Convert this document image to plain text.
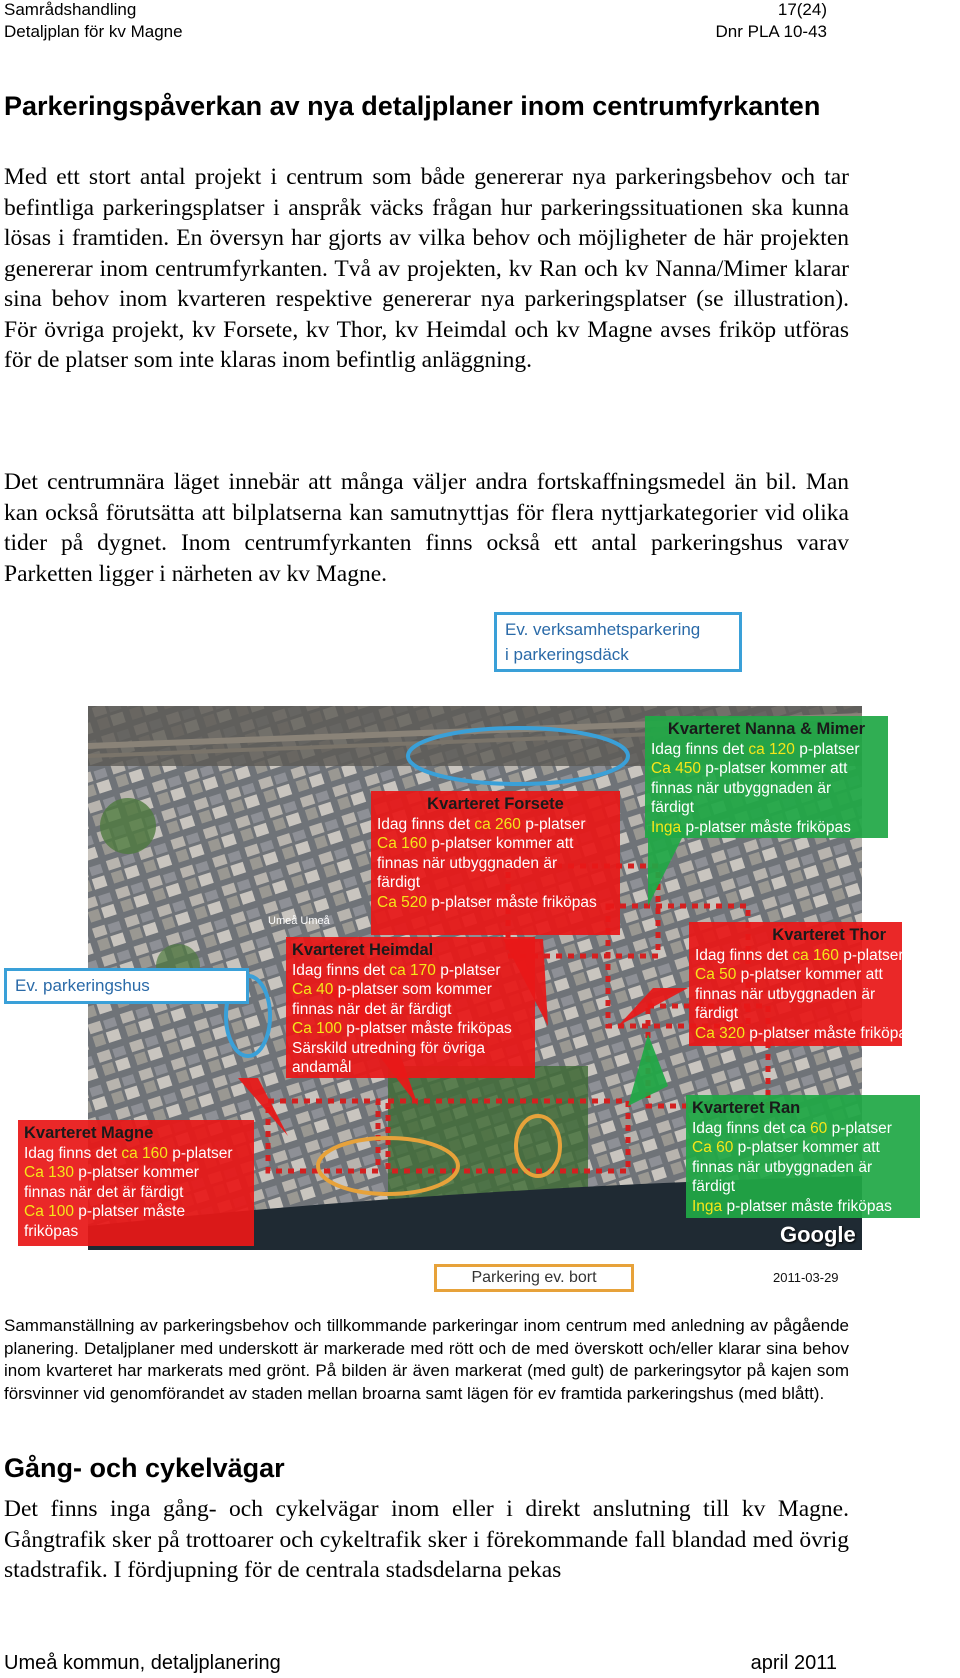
Samrådshandling
Detaljplan för kv Magne
17(24)
Dnr PLA 10-43
Parkeringspåverkan av nya detaljplaner inom centrumfyrkanten

Med ett stort antal projekt i centrum som både genererar nya parkeringsbehov och tar befintliga parkeringsplatser i anspråk väcks frågan hur parkeringssituationen ska kunna lösas i framtiden. En översyn har gjorts av vilka behov och möjligheter de här projekten genererar inom centrumfyrkanten. Två av projekten, kv Ran och kv Nanna/Mimer klarar sina behov inom kvarteren respektive genererar nya parkeringsplatser (se illustration). För övriga projekt, kv Forsete, kv Thor, kv Heimdal och kv Magne avses friköp utföras för de platser som inte klaras inom befintlig anläggning.

Det centrumnära läget innebär att många väljer andra fortskaffningsmedel än bil. Man kan också förutsätta att bilplatserna kan samutnyttjas för flera nyttjarkategorier vid olika tider på dygnet. Inom centrumfyrkanten finns också ett antal parkeringshus varav Parketten ligger i närheten av kv Magne.

Umeå Umeå
Ev. verksamhetsparkering
i parkeringsdäck
Ev. parkeringshus
Parkering ev. bort	2011-03-29
Google
Kvarteret Nanna & Mimer
Idag finns det ca 120 p-platser
Ca 450 p-platser kommer att
finnas när utbyggnaden är
färdigt
Inga p-platser måste friköpas
Kvarteret Forsete
Idag finns det ca 260 p-platser
Ca 160 p-platser kommer att
finnas när utbyggnaden är
färdigt
Ca 520 p-platser måste friköpas
Kvarteret Heimdal
Idag finns det ca 170 p-platser
Ca 40 p-platser som kommer
finnas när det är färdigt
Ca 100 p-platser måste friköpas
Särskild utredning för övriga
andamål
Kvarteret Thor
Idag finns det ca 160 p-platser
Ca 50 p-platser kommer att
finnas när utbyggnaden är
färdigt
Ca 320 p-platser måste friköpas
Kvarteret Ran
Idag finns det ca 60 p-platser
Ca 60 p-platser kommer att
finnas när utbyggnaden är
färdigt
Inga p-platser måste friköpas
Kvarteret Magne
Idag finns det ca 160 p-platser
Ca 130 p-platser kommer
finnas när det är färdigt
Ca 100 p-platser måste
friköpas

Sammanställning av parkeringsbehov och tillkommande parkeringar inom centrum med anledning av pågående planering. Detaljplaner med underskott är markerade med rött och de med överskott och/eller klarar sina behov inom kvarteret har markerats med grönt. På bilden är även markerat (med gult) de parkeringsytor på kajen som försvinner vid genomförandet av staden mellan broarna samt lägen för ev framtida parkeringshus (med blått).

Gång- och cykelvägar

Det finns inga gång- och cykelvägar inom eller i direkt anslutning till kv Magne. Gångtrafik sker på trottoarer och cykeltrafik sker i förekommande fall blandad med övrig stadstrafik. I fördjupning för de centrala stadsdelarna pekas

Umeå kommun, detaljplanering	april 2011
